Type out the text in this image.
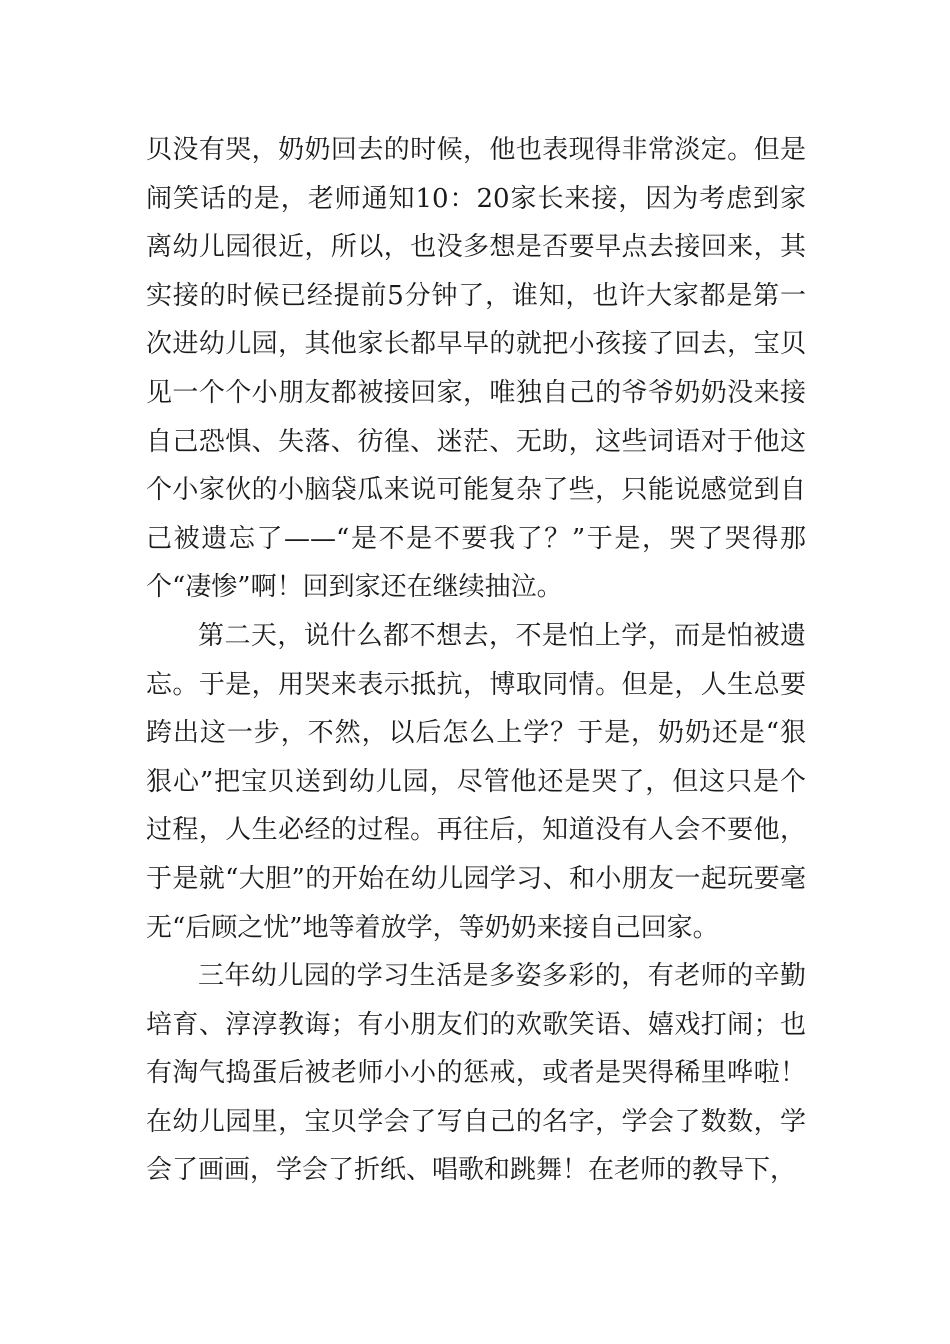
贝没有哭，奶奶回去的时候，他也表现得非常淡定。但是闹笑话的是，老师通知10：20家长来接，因为考虑到家离幼儿园很近，所以，也没多想是否要早点去接回来，其实接的时候已经提前5分钟了，谁知，也许大家都是第一次进幼儿园，其他家长都早早的就把小孩接了回去，宝贝见一个个小朋友都被接回家，唯独自己的爷爷奶奶没来接自己恐惧、失落、彷徨、迷茫、无助，这些词语对于他这个小家伙的小脑袋瓜来说可能复杂了些，只能说感觉到自己被遗忘了——“是不是不要我了？”于是，哭了哭得那个“凄惨”啊！回到家还在继续抽泣。

第二天，说什么都不想去，不是怕上学，而是怕被遗忘。于是，用哭来表示抵抗，博取同情。但是，人生总要跨出这一步，不然，以后怎么上学？于是，奶奶还是“狠狠心”把宝贝送到幼儿园，尽管他还是哭了，但这只是个过程，人生必经的过程。再往后，知道没有人会不要他，于是就“大胆”的开始在幼儿园学习、和小朋友一起玩要毫无“后顾之忧”地等着放学，等奶奶来接自己回家。

三年幼儿园的学习生活是多姿多彩的，有老师的辛勤培育、淳淳教诲；有小朋友们的欢歌笑语、嬉戏打闹；也有淘气捣蛋后被老师小小的惩戒，或者是哭得稀里哗啦！在幼儿园里，宝贝学会了写自己的名字，学会了数数，学会了画画，学会了折纸、唱歌和跳舞！在老师的教导下，
